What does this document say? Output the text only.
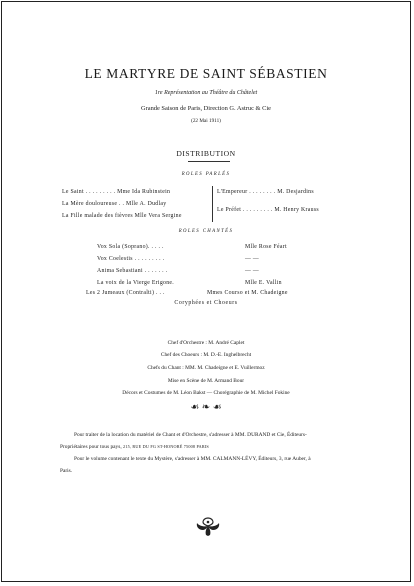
LE MARTYRE DE SAINT SÉBASTIEN
1re Représentation au Théâtre du Châtelet
Grande Saison de Paris, Direction G. Astruc & Cie
(22 Mai 1911)
DISTRIBUTION
ROLES PARLÉS
Le Saint . . . . . . . . . Mme Ida Rubinstein
La Mère douloureuse . . Mlle A. Dudlay
La Fille malade des fièvres Mlle Vera Sergine
L'Empereur . . . . . . . . M. Desjardins
Le Préfet . . . . . . . . . M. Henry Krauss
ROLES CHANTÉS
Vox Sola (Soprano). . . . .	Mlle Rose Féart
Vox Coelestis . . . . . . . . .	— —
Anima Sebastiani . . . . . . .	— —
La voix de la Vierge Erigone.	Mlle E. Vallin
Les 2 Jumeaux (Contralti) . . .	Mmes Courso et M. Chadeigne
Coryphées et Choeurs
Chef d'Orchestre : M. André Caplet
Chef des Choeurs : M. D.-E. Inghelbrecht
Chefs du Chant : MM. M. Chadeigne et E. Vuillermoz
Mise en Scène de M. Armand Bour
Décors et Costumes de M. Léon Bakst — Chorégraphie de M. Michel Fokine
☙ ❧ ☙
Pour traiter de la location du matériel de Chant et d'Orchestre, s'adresser à MM. DURAND et Cie, Éditeurs-
Propriétaires pour tous pays, 215, RUE DU FG ST-HONORÉ 75008 PARIS
Pour le volume contenant le texte du Mystère, s'adresser à MM. CALMANN-LÉVY, Éditeurs, 3, rue Auber, à
Paris.
